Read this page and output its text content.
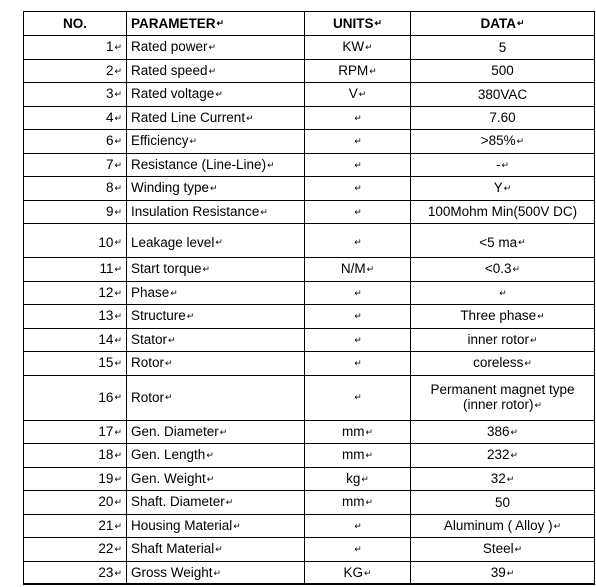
NO.	PARAMETER↵	UNITS↵	DATA↵
1↵	Rated power↵	KW↵	5
2↵	Rated speed↵	RPM↵	500
3↵	Rated voltage↵	V↵	380VAC
4↵	Rated Line Current↵	↵	7.60
6↵	Efficiency↵	↵	>85%↵
7↵	Resistance (Line-Line)↵	↵	-↵
8↵	Winding type↵	↵	Y↵
9↵	Insulation Resistance↵	↵	100Mohm Min(500V DC)
10↵	Leakage level↵	↵	<5 ma↵
11↵	Start torque↵	N/M↵	<0.3↵
12↵	Phase↵	↵	↵
13↵	Structure↵	↵	Three phase↵
14↵	Stator↵	↵	inner rotor↵
15↵	Rotor↵	↵	coreless↵
16↵	Rotor↵	↵	Permanent magnet type
(inner rotor)↵
17↵	Gen. Diameter↵	mm↵	386↵
18↵	Gen. Length↵	mm↵	232↵
19↵	Gen. Weight↵	kg↵	32↵
20↵	Shaft. Diameter↵	mm↵	50
21↵	Housing Material↵	↵	Aluminum ( Alloy )↵
22↵	Shaft Material↵	↵	Steel↵
23↵	Gross Weight↵	KG↵	39↵
